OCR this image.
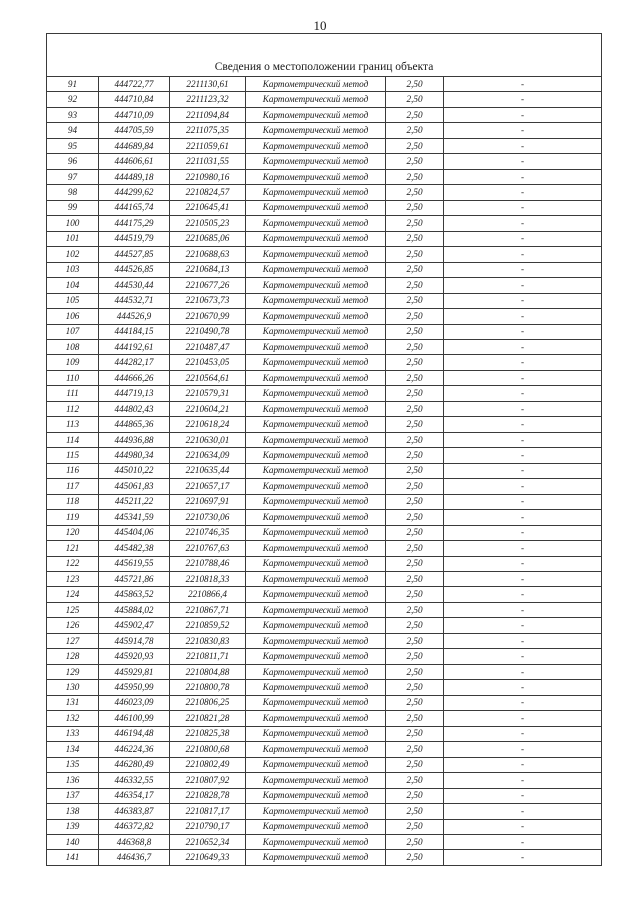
10

Сведения о местоположении границ объекта					
91	444722,77	2211130,61	Картометрический метод	2,50	-
92	444710,84	2211123,32	Картометрический метод	2,50	-
93	444710,09	2211094,84	Картометрический метод	2,50	-
94	444705,59	2211075,35	Картометрический метод	2,50	-
95	444689,84	2211059,61	Картометрический метод	2,50	-
96	444606,61	2211031,55	Картометрический метод	2,50	-
97	444489,18	2210980,16	Картометрический метод	2,50	-
98	444299,62	2210824,57	Картометрический метод	2,50	-
99	444165,74	2210645,41	Картометрический метод	2,50	-
100	444175,29	2210505,23	Картометрический метод	2,50	-
101	444519,79	2210685,06	Картометрический метод	2,50	-
102	444527,85	2210688,63	Картометрический метод	2,50	-
103	444526,85	2210684,13	Картометрический метод	2,50	-
104	444530,44	2210677,26	Картометрический метод	2,50	-
105	444532,71	2210673,73	Картометрический метод	2,50	-
106	444526,9	2210670,99	Картометрический метод	2,50	-
107	444184,15	2210490,78	Картометрический метод	2,50	-
108	444192,61	2210487,47	Картометрический метод	2,50	-
109	444282,17	2210453,05	Картометрический метод	2,50	-
110	444666,26	2210564,61	Картометрический метод	2,50	-
111	444719,13	2210579,31	Картометрический метод	2,50	-
112	444802,43	2210604,21	Картометрический метод	2,50	-
113	444865,36	2210618,24	Картометрический метод	2,50	-
114	444936,88	2210630,01	Картометрический метод	2,50	-
115	444980,34	2210634,09	Картометрический метод	2,50	-
116	445010,22	2210635,44	Картометрический метод	2,50	-
117	445061,83	2210657,17	Картометрический метод	2,50	-
118	445211,22	2210697,91	Картометрический метод	2,50	-
119	445341,59	2210730,06	Картометрический метод	2,50	-
120	445404,06	2210746,35	Картометрический метод	2,50	-
121	445482,38	2210767,63	Картометрический метод	2,50	-
122	445619,55	2210788,46	Картометрический метод	2,50	-
123	445721,86	2210818,33	Картометрический метод	2,50	-
124	445863,52	2210866,4	Картометрический метод	2,50	-
125	445884,02	2210867,71	Картометрический метод	2,50	-
126	445902,47	2210859,52	Картометрический метод	2,50	-
127	445914,78	2210830,83	Картометрический метод	2,50	-
128	445920,93	2210811,71	Картометрический метод	2,50	-
129	445929,81	2210804,88	Картометрический метод	2,50	-
130	445950,99	2210800,78	Картометрический метод	2,50	-
131	446023,09	2210806,25	Картометрический метод	2,50	-
132	446100,99	2210821,28	Картометрический метод	2,50	-
133	446194,48	2210825,38	Картометрический метод	2,50	-
134	446224,36	2210800,68	Картометрический метод	2,50	-
135	446280,49	2210802,49	Картометрический метод	2,50	-
136	446332,55	2210807,92	Картометрический метод	2,50	-
137	446354,17	2210828,78	Картометрический метод	2,50	-
138	446383,87	2210817,17	Картометрический метод	2,50	-
139	446372,82	2210790,17	Картометрический метод	2,50	-
140	446368,8	2210652,34	Картометрический метод	2,50	-
141	446436,7	2210649,33	Картометрический метод	2,50	-
